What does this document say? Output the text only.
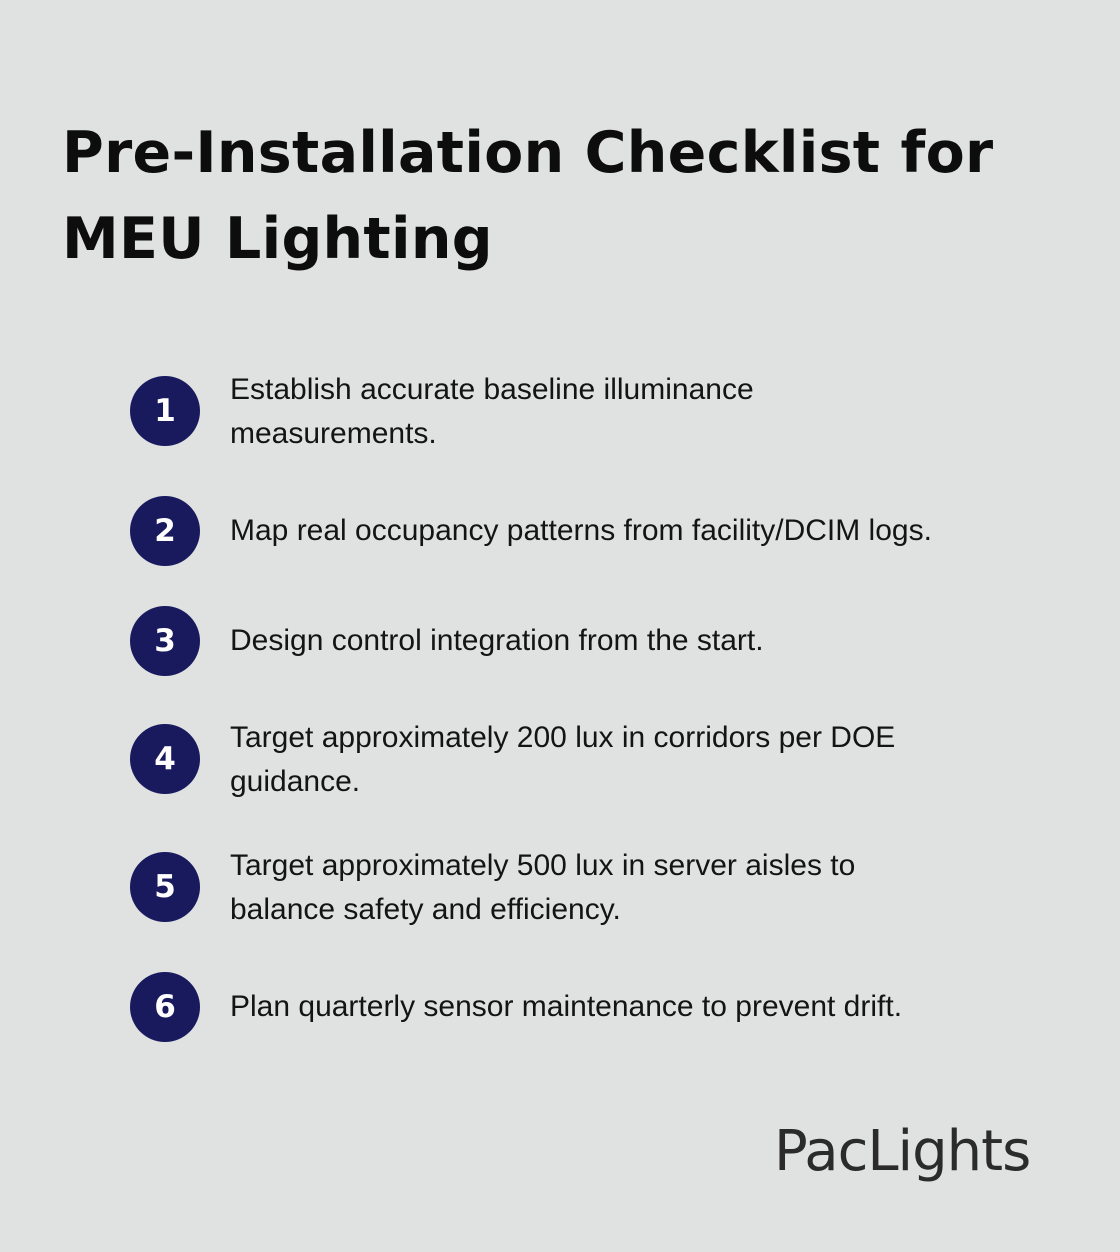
Pre-Installation Checklist for
MEU Lighting
1

Establish accurate baseline illuminance
measurements.

2	Map real occupancy patterns from facility/DCIM logs.

3	Design control integration from the start.

4

Target approximately 200 lux in corridors per DOE
guidance.

5

Target approximately 500 lux in server aisles to
balance safety and efficiency.

6	Plan quarterly sensor maintenance to prevent drift.

PacLights
